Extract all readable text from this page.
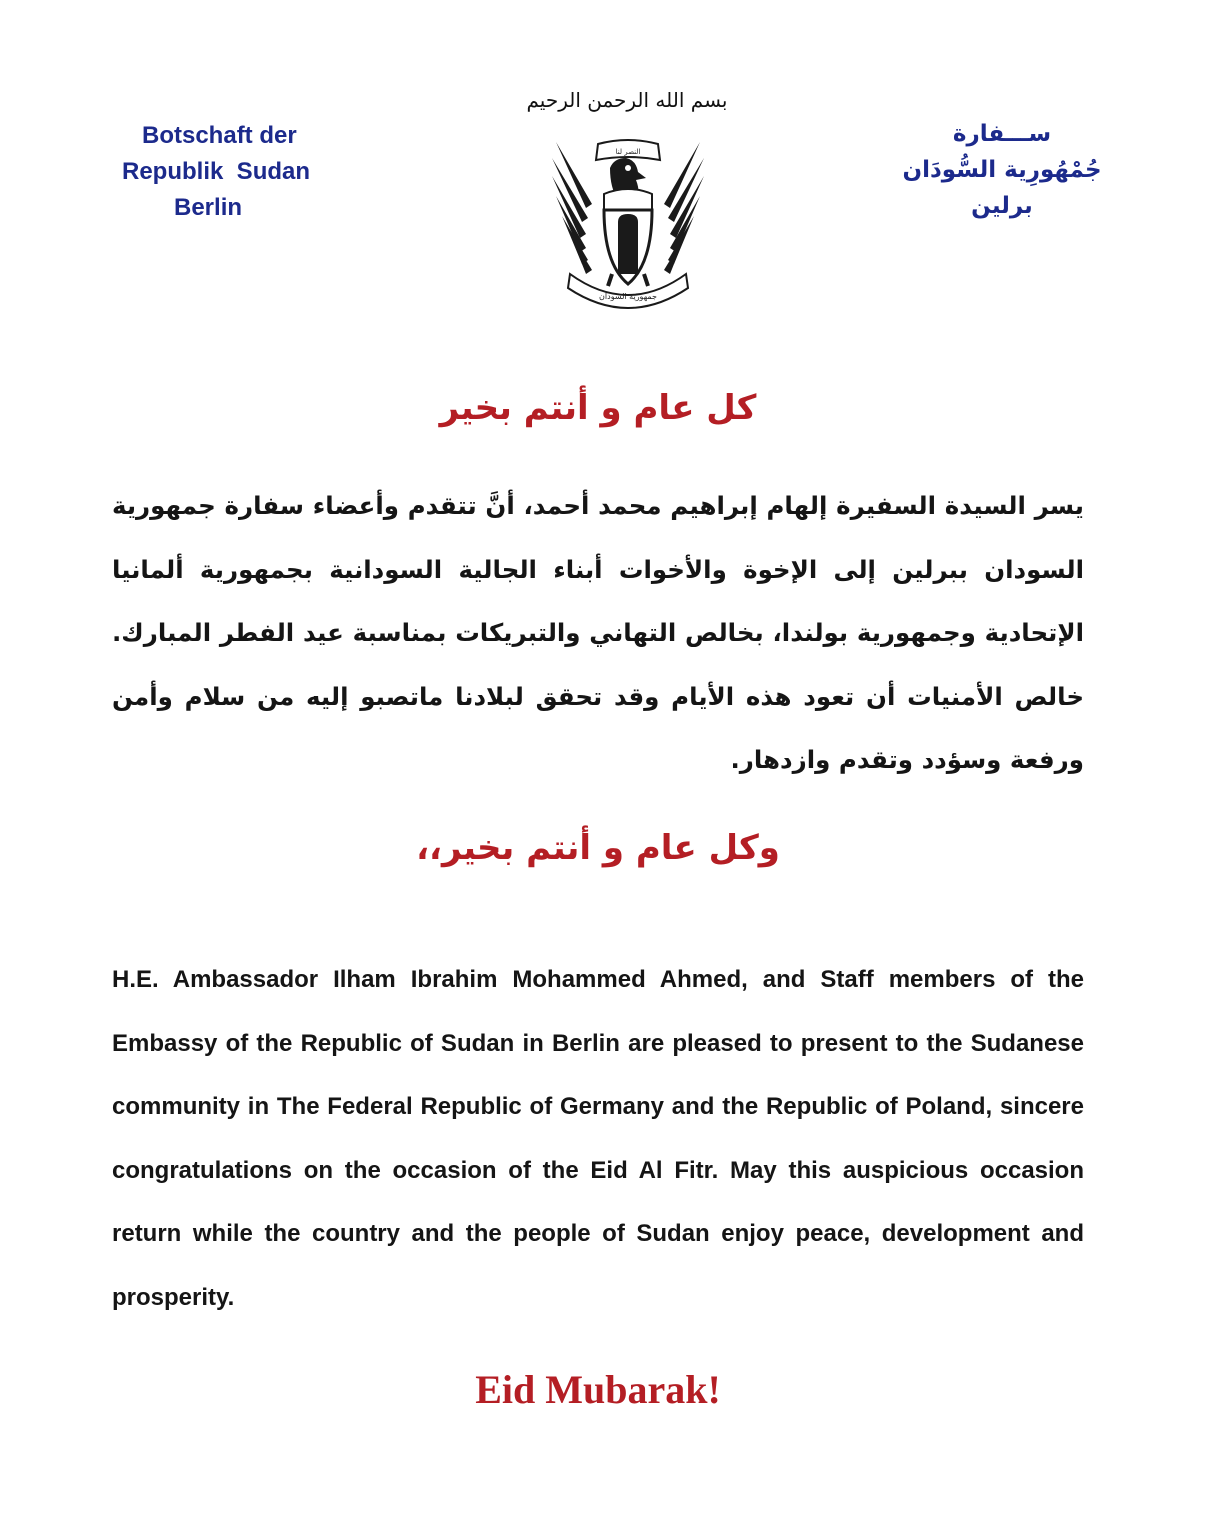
بسم الله الرحمن الرحيم
Botschaft der
Republik  Sudan
Berlin
ســـفارة
جُمْهُورِية السُّودَان
برلين
النصر لنا
جمهورية السودان
كل عام و أنتم بخير
يسر السيدة السفيرة إلهام إبراهيم محمد أحمد، أنَّ تتقدم وأعضاء سفارة جمهورية السودان ببرلين إلى الإخوة والأخوات أبناء الجالية السودانية بجمهورية ألمانيا الإتحادية وجمهورية بولندا، بخالص التهاني والتبريكات بمناسبة عيد الفطر المبارك. خالص الأمنيات أن تعود هذه الأيام وقد تحقق لبلادنا ماتصبو إليه من سلام وأمن ورفعة وسؤدد وتقدم وازدهار.
وكل عام و أنتم بخير،،
H.E. Ambassador Ilham Ibrahim Mohammed Ahmed, and Staff members of the Embassy of the Republic of Sudan in Berlin are pleased to present to the Sudanese community in The Federal Republic of Germany and the Republic of Poland, sincere congratulations on the occasion of the Eid Al Fitr. May this auspicious occasion return while the country and the people of Sudan enjoy peace, development and prosperity.
Eid Mubarak!
